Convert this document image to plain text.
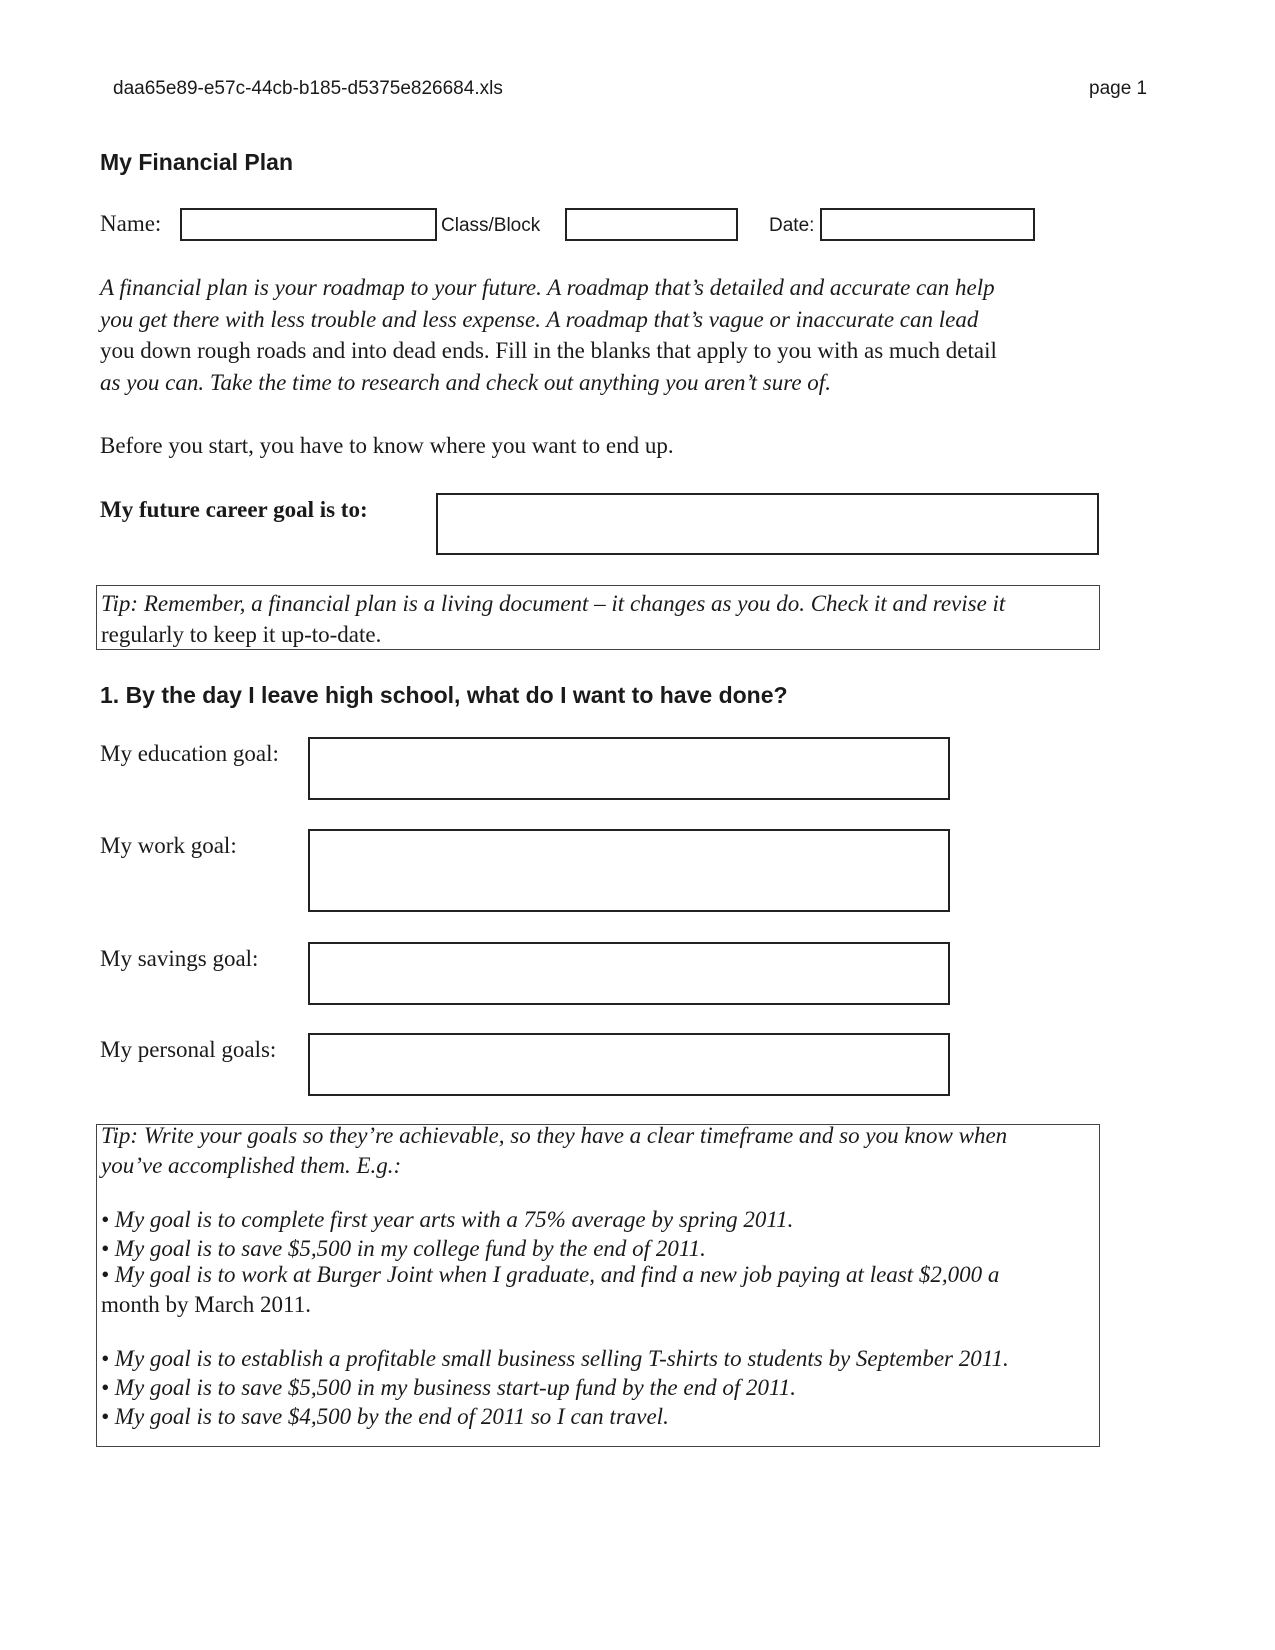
daa65e89-e57c-44cb-b185-d5375e826684.xls	page 1
My Financial Plan
Name:	Class/Block	Date:
A financial plan is your roadmap to your future. A roadmap that’s detailed and accurate can help
you get there with less trouble and less expense. A roadmap that’s vague or inaccurate can lead
you down rough roads and into dead ends. Fill in the blanks that apply to you with as much detail
as you can. Take the time to research and check out anything you aren’t sure of.
Before you start, you have to know where you want to end up.
My future career goal is to:
Tip: Remember, a financial plan is a living document – it changes as you do. Check it and revise it
regularly to keep it up-to-date.
1. By the day I leave high school, what do I want to have done?
My education goal:
My work goal:
My savings goal:
My personal goals:
Tip: Write your goals so they’re achievable, so they have a clear timeframe and so you know when
you’ve accomplished them. E.g.:
• My goal is to complete first year arts with a 75% average by spring 2011.
• My goal is to save $5,500 in my college fund by the end of 2011.
• My goal is to work at Burger Joint when I graduate, and find a new job paying at least $2,000 a
month by March 2011.
• My goal is to establish a profitable small business selling T-shirts to students by September 2011.
• My goal is to save $5,500 in my business start-up fund by the end of 2011.
• My goal is to save $4,500 by the end of 2011 so I can travel.
